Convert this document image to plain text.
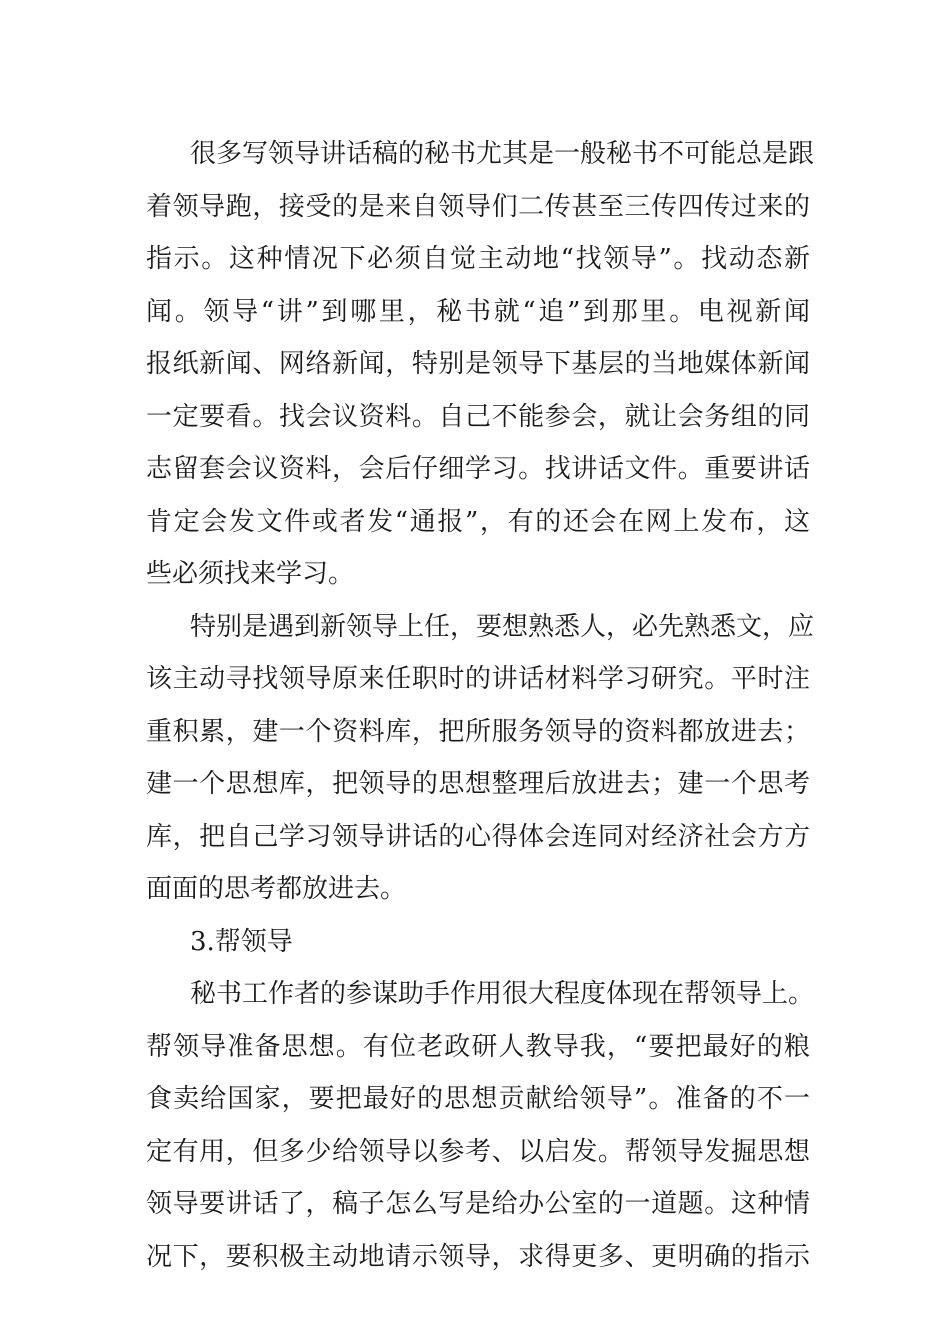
很多写领导讲话稿的秘书尤其是一般秘书不可能总是跟
着领导跑，接受的是来自领导们二传甚至三传四传过来的
指示。这种情况下必须自觉主动地“找领导”。找动态新
闻。领导“讲”到哪里，秘书就“追”到那里。电视新闻
报纸新闻、网络新闻，特别是领导下基层的当地媒体新闻
一定要看。找会议资料。自己不能参会，就让会务组的同
志留套会议资料，会后仔细学习。找讲话文件。重要讲话
肯定会发文件或者发“通报”，有的还会在网上发布，这
些必须找来学习。
特别是遇到新领导上任，要想熟悉人，必先熟悉文，应
该主动寻找领导原来任职时的讲话材料学习研究。平时注
重积累，建一个资料库，把所服务领导的资料都放进去；
建一个思想库，把领导的思想整理后放进去；建一个思考
库，把自己学习领导讲话的心得体会连同对经济社会方方
面面的思考都放进去。
3.帮领导
秘书工作者的参谋助手作用很大程度体现在帮领导上。
帮领导准备思想。有位老政研人教导我，“要把最好的粮
食卖给国家，要把最好的思想贡献给领导”。准备的不一
定有用，但多少给领导以参考、以启发。帮领导发掘思想
领导要讲话了，稿子怎么写是给办公室的一道题。这种情
况下，要积极主动地请示领导，求得更多、更明确的指示
